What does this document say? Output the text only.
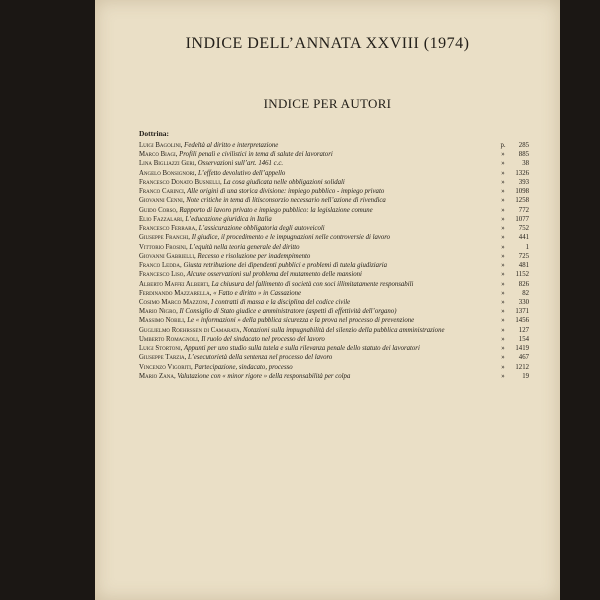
INDICE DELL’ANNATA XXVIII (1974)
INDICE PER AUTORI
Dottrina:
Luigi Bagolini, Fedeltà al diritto e interpretazione	p.	285
Marco Biagi, Profili penali e civilistici in tema di salute dei lavoratori	»	885
Lina Bigliazzi Geri, Osservazioni sull’art. 1461 c.c.	»	38
Angelo Bonsignori, L’effetto devolutivo dell’appello	»	1326
Francesco Donato Busnelli, La cosa giudicata nelle obbligazioni solidali	»	393
Franco Carinci, Alle origini di una storica divisione: impiego pubblico - impiego privato	»	1098
Giovanni Cenni, Note critiche in tema di litisconsorzio necessario nell’azione di rivendica	»	1258
Guido Corso, Rapporto di lavoro privato e impiego pubblico: la legislazione comune	»	772
Elio Fazzalari, L’educazione giuridica in Italia	»	1077
Francesco Ferrara, L’assicurazione obbligatoria degli autoveicoli	»	752
Giuseppe Franchi, Il giudice, il procedimento e le impugnazioni nelle controversie di lavoro	»	441
Vittorio Frosini, L’equità nella teoria generale del diritto	»	1
Giovanni Gabrielli, Recesso e risoluzione per inadempimento	»	725
Franco Ledda, Giusta retribuzione dei dipendenti pubblici e problemi di tutela giudiziaria	»	481
Francesco Liso, Alcune osservazioni sul problema del mutamento delle mansioni	»	1152
Alberto Maffei Alberti, La chiusura del fallimento di società con soci illimitatamente responsabili	»	826
Ferdinando Mazzarella, « Fatto e diritto » in Cassazione	»	82
Cosimo Marco Mazzoni, I contratti di massa e la disciplina del codice civile	»	330
Mario Nigro, Il Consiglio di Stato giudice e amministratore (aspetti di effettività dell’organo)	»	1371
Massimo Nobili, Le « informazioni » della pubblica sicurezza e la prova nel processo di prevenzione	»	1456
Guglielmo Roehrssen di Camarata, Notazioni sulla impugnabilità del silenzio della pubblica amministrazione	»	127
Umberto Romagnoli, Il ruolo del sindacato nel processo del lavoro	»	154
Luigi Stortoni, Appunti per uno studio sulla tutela e sulla rilevanza penale dello statuto dei lavoratori	»	1419
Giuseppe Tarzia, L’esecutorietà della sentenza nel processo del lavoro	»	467
Vincenzo Vigoriti, Partecipazione, sindacato, processo	»	1212
Mario Zana, Valutazione con « minor rigore » della responsabilità per colpa	»	19
